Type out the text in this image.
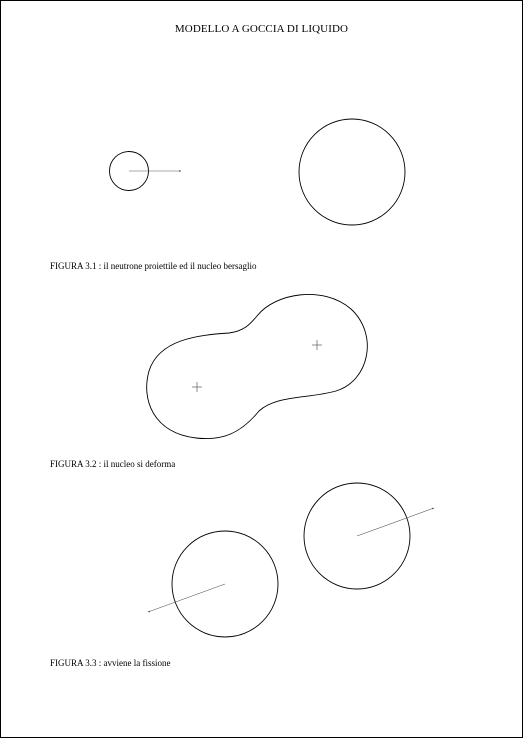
MODELLO A GOCCIA DI LIQUIDO
FIGURA 3.1 : il neutrone proiettile ed il nucleo bersaglio
FIGURA 3.2 : il nucleo si deforma
FIGURA 3.3 : avviene la fissione
